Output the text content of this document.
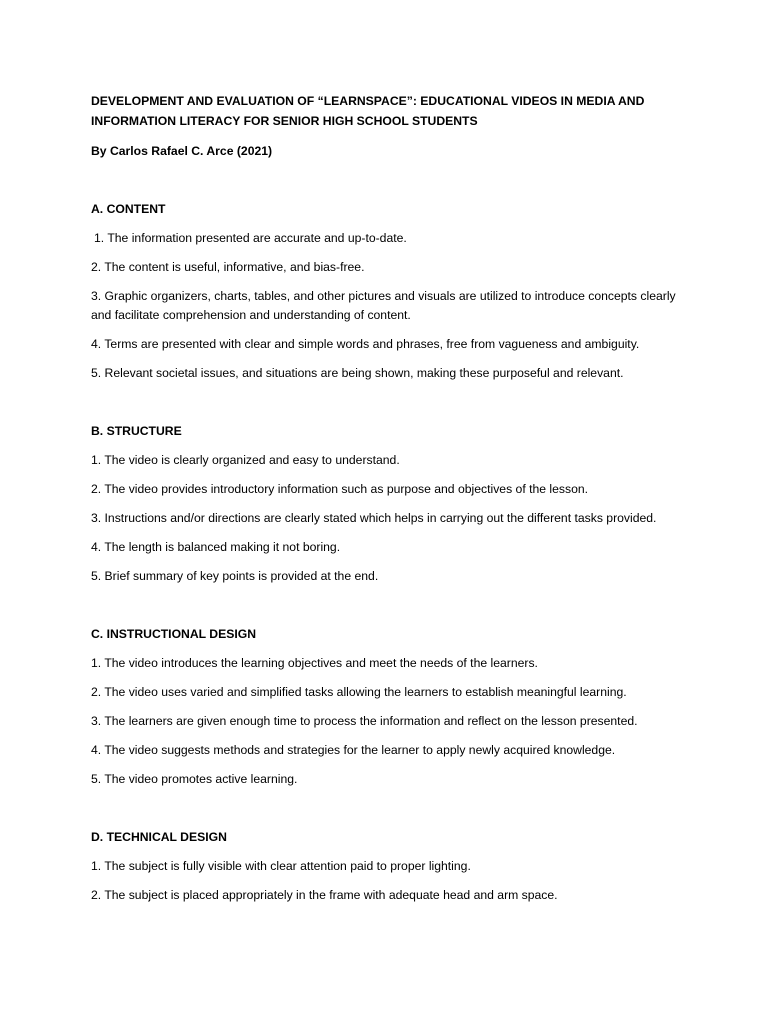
DEVELOPMENT AND EVALUATION OF “LEARNSPACE”: EDUCATIONAL VIDEOS IN MEDIA AND INFORMATION LITERACY FOR SENIOR HIGH SCHOOL STUDENTS

By Carlos Rafael C. Arce (2021)

A. CONTENT

1. The information presented are accurate and up-to-date.

2. The content is useful, informative, and bias-free.

3. Graphic organizers, charts, tables, and other pictures and visuals are utilized to introduce concepts clearly and facilitate comprehension and understanding of content.

4. Terms are presented with clear and simple words and phrases, free from vagueness and ambiguity.

5. Relevant societal issues, and situations are being shown, making these purposeful and relevant.

B. STRUCTURE

1. The video is clearly organized and easy to understand.

2. The video provides introductory information such as purpose and objectives of the lesson.

3. Instructions and/or directions are clearly stated which helps in carrying out the different tasks provided.

4. The length is balanced making it not boring.

5. Brief summary of key points is provided at the end.

C. INSTRUCTIONAL DESIGN

1. The video introduces the learning objectives and meet the needs of the learners.

2. The video uses varied and simplified tasks allowing the learners to establish meaningful learning.

3. The learners are given enough time to process the information and reflect on the lesson presented.

4. The video suggests methods and strategies for the learner to apply newly acquired knowledge.

5. The video promotes active learning.

D. TECHNICAL DESIGN

1. The subject is fully visible with clear attention paid to proper lighting.

2. The subject is placed appropriately in the frame with adequate head and arm space.
